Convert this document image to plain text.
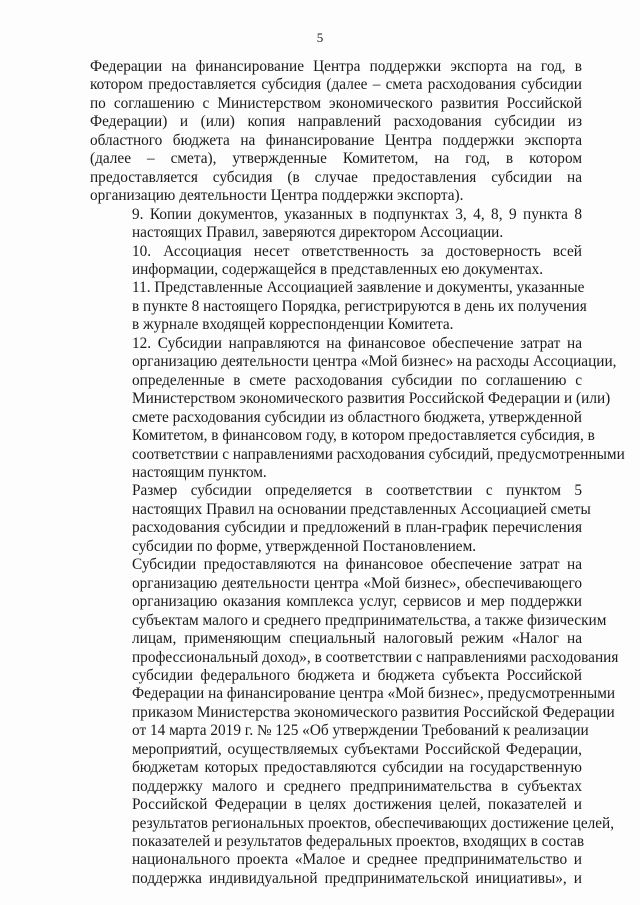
5
Федерации на финансирование Центра поддержки экспорта на год, в
котором предоставляется субсидия (далее – смета расходования субсидии
по соглашению с Министерством экономического развития Российской
Федерации) и (или) копия направлений расходования субсидии из
областного бюджета на финансирование Центра поддержки экспорта
(далее – смета), утвержденные Комитетом, на год, в котором
предоставляется субсидия (в случае предоставления субсидии на
организацию деятельности Центра поддержки экспорта).
9. Копии документов, указанных в подпунктах 3, 4, 8, 9 пункта 8
настоящих Правил, заверяются директором Ассоциации.
10. Ассоциация несет ответственность за достоверность всей
информации, содержащейся в представленных ею документах.
11. Представленные Ассоциацией заявление и документы, указанные
в пункте 8 настоящего Порядка, регистрируются в день их получения
в журнале входящей корреспонденции Комитета.
12. Субсидии направляются на финансовое обеспечение затрат на
организацию деятельности центра «Мой бизнес» на расходы Ассоциации,
определенные в смете расходования субсидии по соглашению с
Министерством экономического развития Российской Федерации и (или)
смете расходования субсидии из областного бюджета, утвержденной
Комитетом, в финансовом году, в котором предоставляется субсидия, в
соответствии с направлениями расходования субсидий, предусмотренными
настоящим пунктом.
Размер субсидии определяется в соответствии с пунктом 5
настоящих Правил на основании представленных Ассоциацией сметы
расходования субсидии и предложений в план-график перечисления
субсидии по форме, утвержденной Постановлением.
Субсидии предоставляются на финансовое обеспечение затрат на
организацию деятельности центра «Мой бизнес», обеспечивающего
организацию оказания комплекса услуг, сервисов и мер поддержки
субъектам малого и среднего предпринимательства, а также физическим
лицам, применяющим специальный налоговый режим «Налог на
профессиональный доход», в соответствии с направлениями расходования
субсидии федерального бюджета и бюджета субъекта Российской
Федерации на финансирование центра «Мой бизнес», предусмотренными
приказом Министерства экономического развития Российской Федерации
от 14 марта 2019 г. № 125 «Об утверждении Требований к реализации
мероприятий, осуществляемых субъектами Российской Федерации,
бюджетам которых предоставляются субсидии на государственную
поддержку малого и среднего предпринимательства в субъектах
Российской Федерации в целях достижения целей, показателей и
результатов региональных проектов, обеспечивающих достижение целей,
показателей и результатов федеральных проектов, входящих в состав
национального проекта «Малое и среднее предпринимательство и
поддержка индивидуальной предпринимательской инициативы», и
